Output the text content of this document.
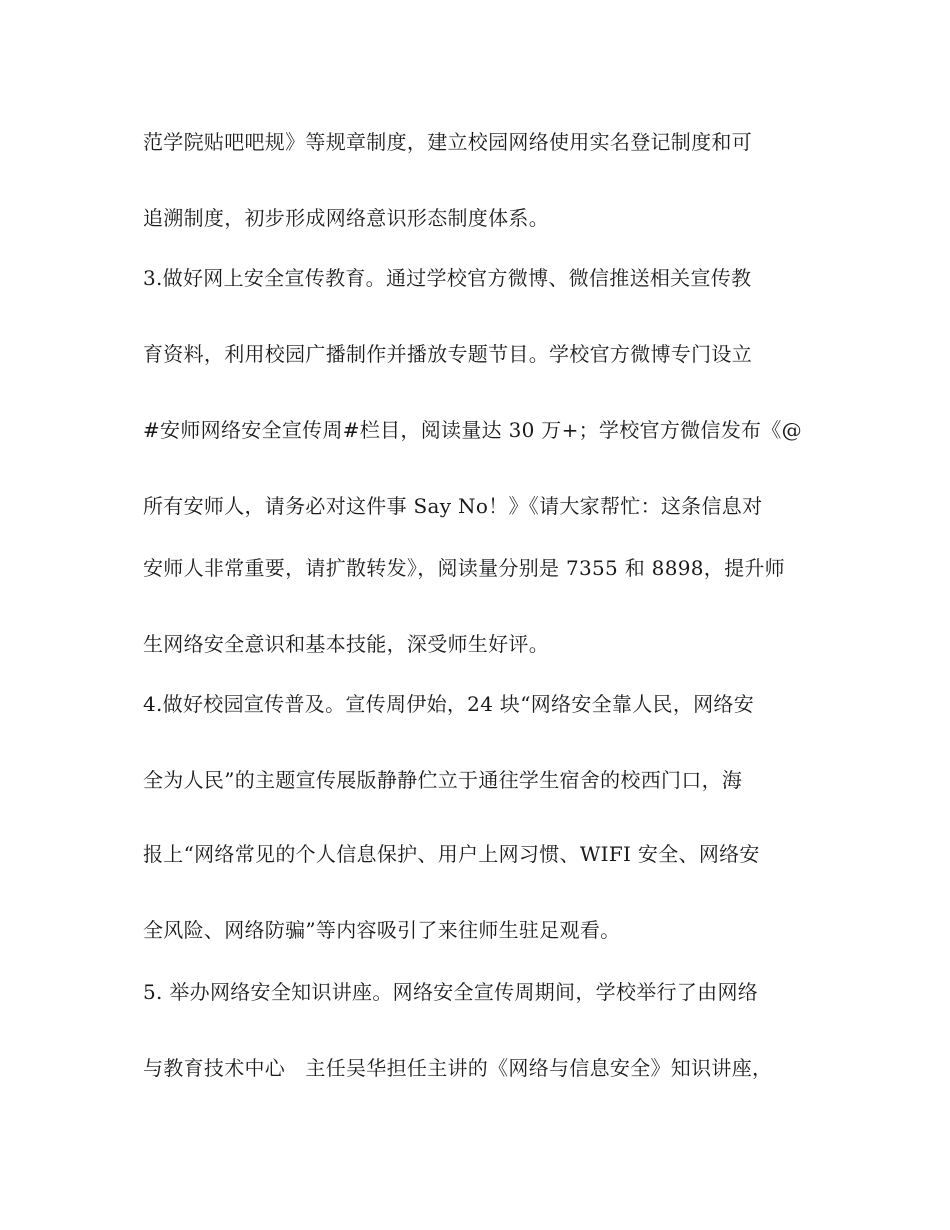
范学院贴吧吧规》等规章制度，建立校园网络使用实名登记制度和可
追溯制度，初步形成网络意识形态制度体系。
3.做好网上安全宣传教育。通过学校官方微博、微信推送相关宣传教
育资料，利用校园广播制作并播放专题节目。学校官方微博专门设立
#安师网络安全宣传周#栏目，阅读量达 30 万+；学校官方微信发布《@
所有安师人，请务必对这件事 Say No！》《请大家帮忙：这条信息对
安师人非常重要，请扩散转发》，阅读量分别是 7355 和 8898，提升师
生网络安全意识和基本技能，深受师生好评。
4.做好校园宣传普及。宣传周伊始，24 块“网络安全靠人民，网络安
全为人民”的主题宣传展版静静伫立于通往学生宿舍的校西门口，海
报上“网络常见的个人信息保护、用户上网习惯、WIFI 安全、网络安
全风险、网络防骗”等内容吸引了来往师生驻足观看。
5. 举办网络安全知识讲座。网络安全宣传周期间，学校举行了由网络
与教育技术中心　主任吴华担任主讲的《网络与信息安全》知识讲座，
